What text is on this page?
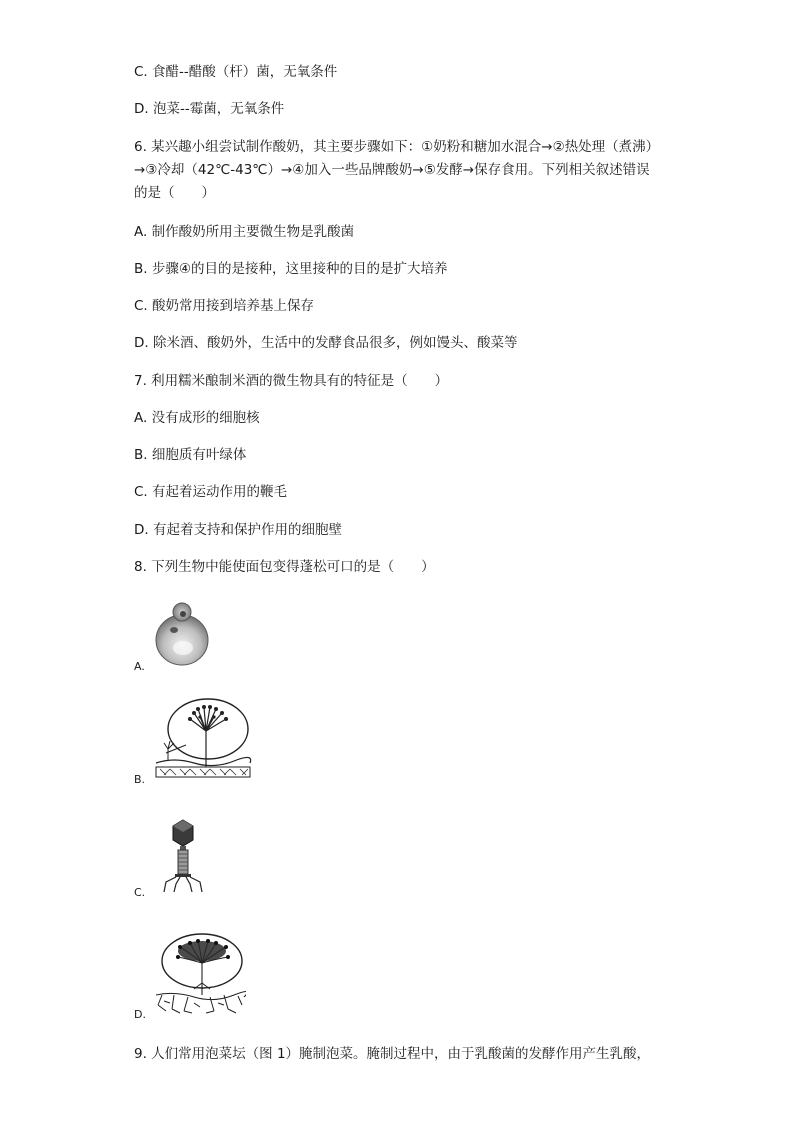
C. 食醋--醋酸（杆）菌，无氧条件
D. 泡菜--霉菌，无氧条件
6. 某兴趣小组尝试制作酸奶，其主要步骤如下：①奶粉和糖加水混合→②热处理（煮沸）→③冷却（42℃-43℃）→④加入一些品牌酸奶→⑤发酵→保存食用。下列相关叙述错误的是（　　）
A. 制作酸奶所用主要微生物是乳酸菌
B. 步骤④的目的是接种，这里接种的目的是扩大培养
C. 酸奶常用接到培养基上保存
D. 除米酒、酸奶外，生活中的发酵食品很多，例如馒头、酸菜等
7. 利用糯米酿制米酒的微生物具有的特征是（　　）
A. 没有成形的细胞核
B. 细胞质有叶绿体
C. 有起着运动作用的鞭毛
D. 有起着支持和保护作用的细胞壁
8. 下列生物中能使面包变得蓬松可口的是（　　）
A.
B.
C.
D.
9. 人们常用泡菜坛（图 1）腌制泡菜。腌制过程中，由于乳酸菌的发酵作用产生乳酸，
